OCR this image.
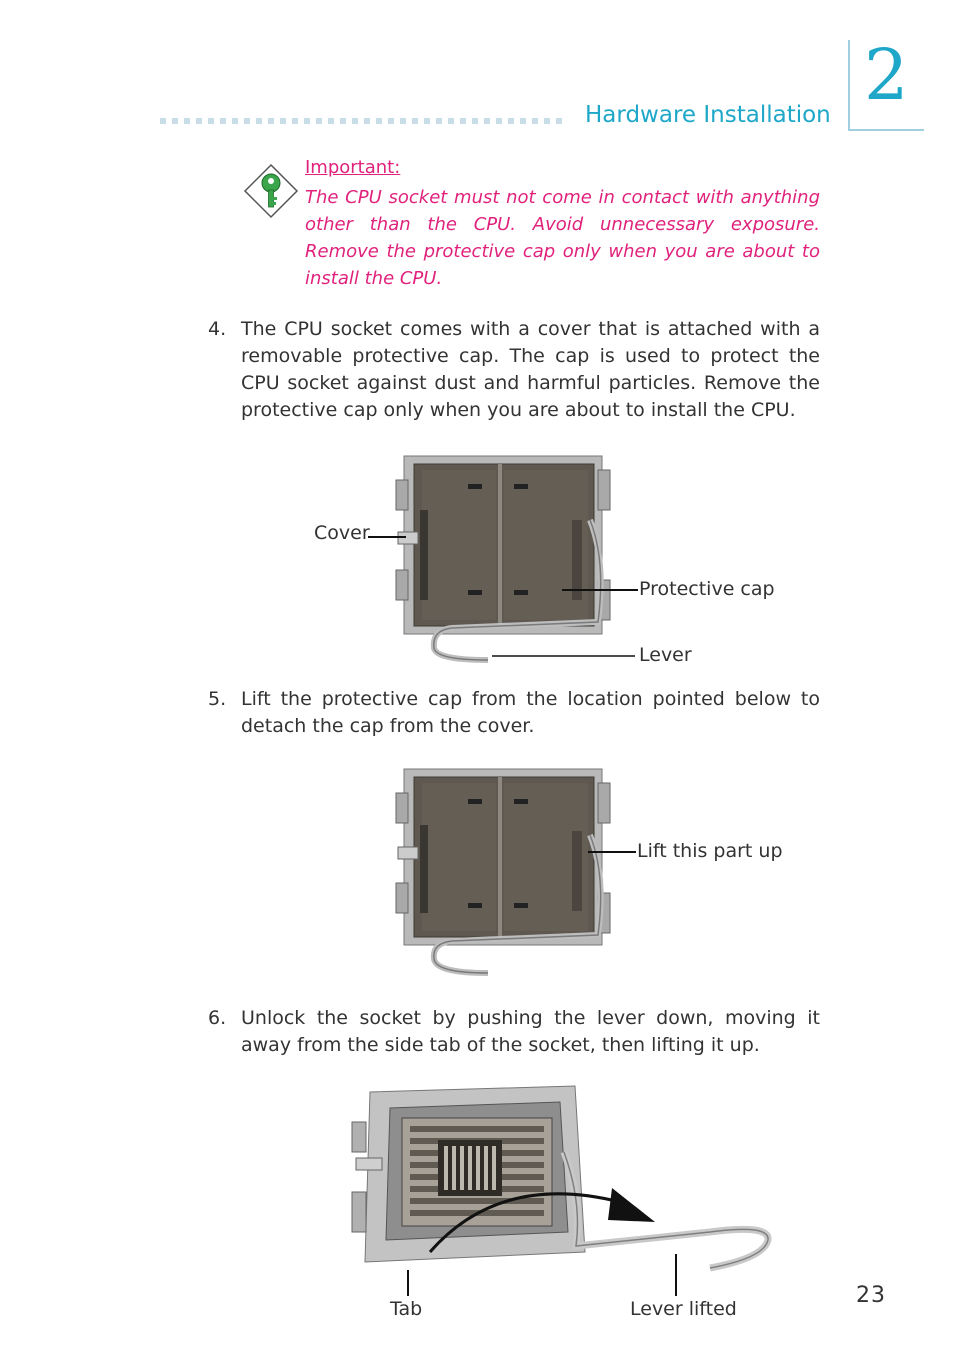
Hardware Installation 2
Important:
The CPU socket must not come in contact with anything other than the CPU. Avoid unnecessary exposure. Remove the protective cap only when you are about to install the CPU.
4. The CPU socket comes with a cover that is attached with a removable protective cap. The cap is used to protect the CPU socket against dust and harmful particles. Remove the protective cap only when you are about to install the CPU.
Cover
Protective cap
Lever
5. Lift the protective cap from the location pointed below to detach the cap from the cover.
Lift this part up
6. Unlock the socket by pushing the lever down, moving it away from the side tab of the socket, then lifting it up.
Tab	Lever lifted
23
